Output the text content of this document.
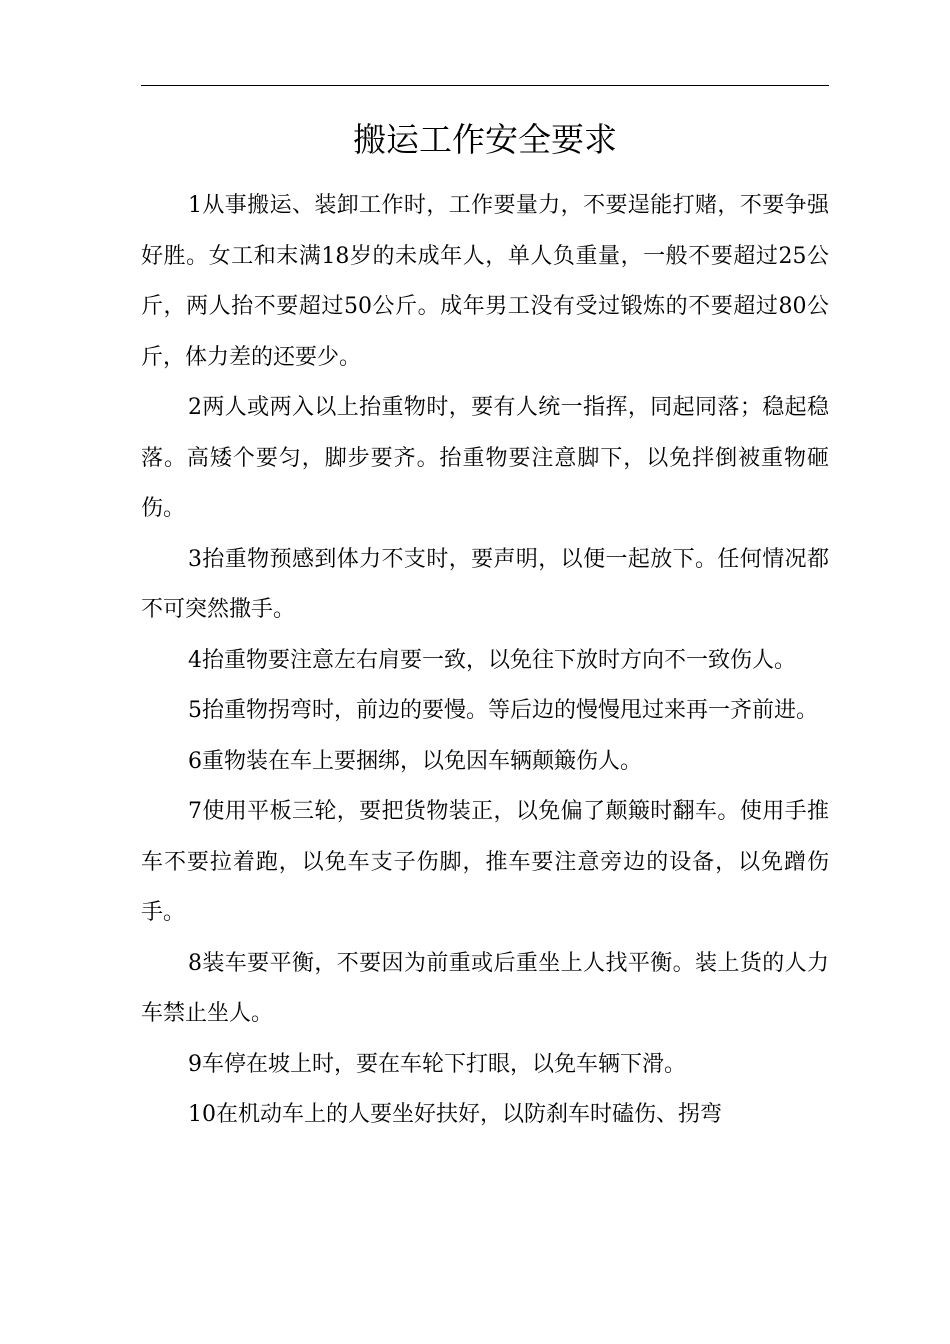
搬运工作安全要求

1从事搬运、装卸工作时，工作要量力，不要逞能打赌，不要争强好胜。女工和末满18岁的未成年人，单人负重量，一般不要超过25公斤，两人抬不要超过50公斤。成年男工没有受过锻炼的不要超过80公斤，体力差的还要少。

2两人或两入以上抬重物时，要有人统一指挥，同起同落；稳起稳落。高矮个要匀，脚步要齐。抬重物要注意脚下，以免拌倒被重物砸伤。

3抬重物预感到体力不支时，要声明，以便一起放下。任何情况都不可突然撒手。

4抬重物要注意左右肩要一致，以免往下放时方向不一致伤人。

5抬重物拐弯时，前边的要慢。等后边的慢慢甩过来再一齐前进。

6重物装在车上要捆绑，以免因车辆颠簸伤人。

7使用平板三轮，要把货物装正，以免偏了颠簸时翻车。使用手推车不要拉着跑，以免车支子伤脚，推车要注意旁边的设备，以免蹭伤手。

8装车要平衡，不要因为前重或后重坐上人找平衡。装上货的人力车禁止坐人。

9车停在坡上时，要在车轮下打眼，以免车辆下滑。

10在机动车上的人要坐好扶好，以防刹车时磕伤、拐弯
